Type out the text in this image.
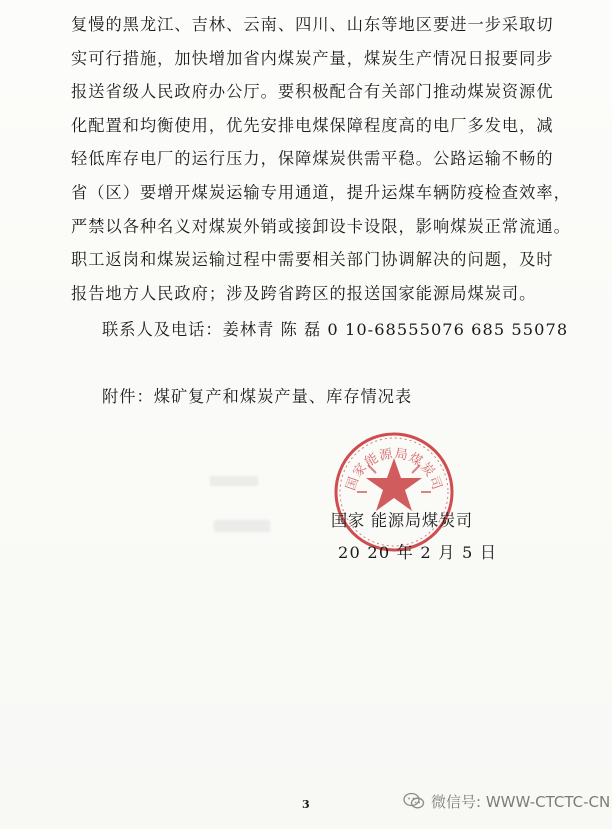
复慢的黑龙江、吉林、云南、四川、山东等地区要进一步采取切
实可行措施，加快增加省内煤炭产量，煤炭生产情况日报要同步
报送省级人民政府办公厅。要积极配合有关部门推动煤炭资源优
化配置和均衡使用，优先安排电煤保障程度高的电厂多发电，减
轻低库存电厂的运行压力，保障煤炭供需平稳。公路运输不畅的
省（区）要增开煤炭运输专用通道，提升运煤车辆防疫检查效率，
严禁以各种名义对煤炭外销或接卸设卡设限，影响煤炭正常流通。
职工返岗和煤炭运输过程中需要相关部门协调解决的问题，及时
报告地方人民政府；涉及跨省跨区的报送国家能源局煤炭司。
联系人及电话：姜林青 陈 磊 0 10-68555076 685 55078
附件：煤矿复产和煤炭产量、库存情况表
国家能源局煤炭司
国家 能源局煤炭司
20 20 年 2 月 5 日
3	微信号: WWW-CTCTC-CN
